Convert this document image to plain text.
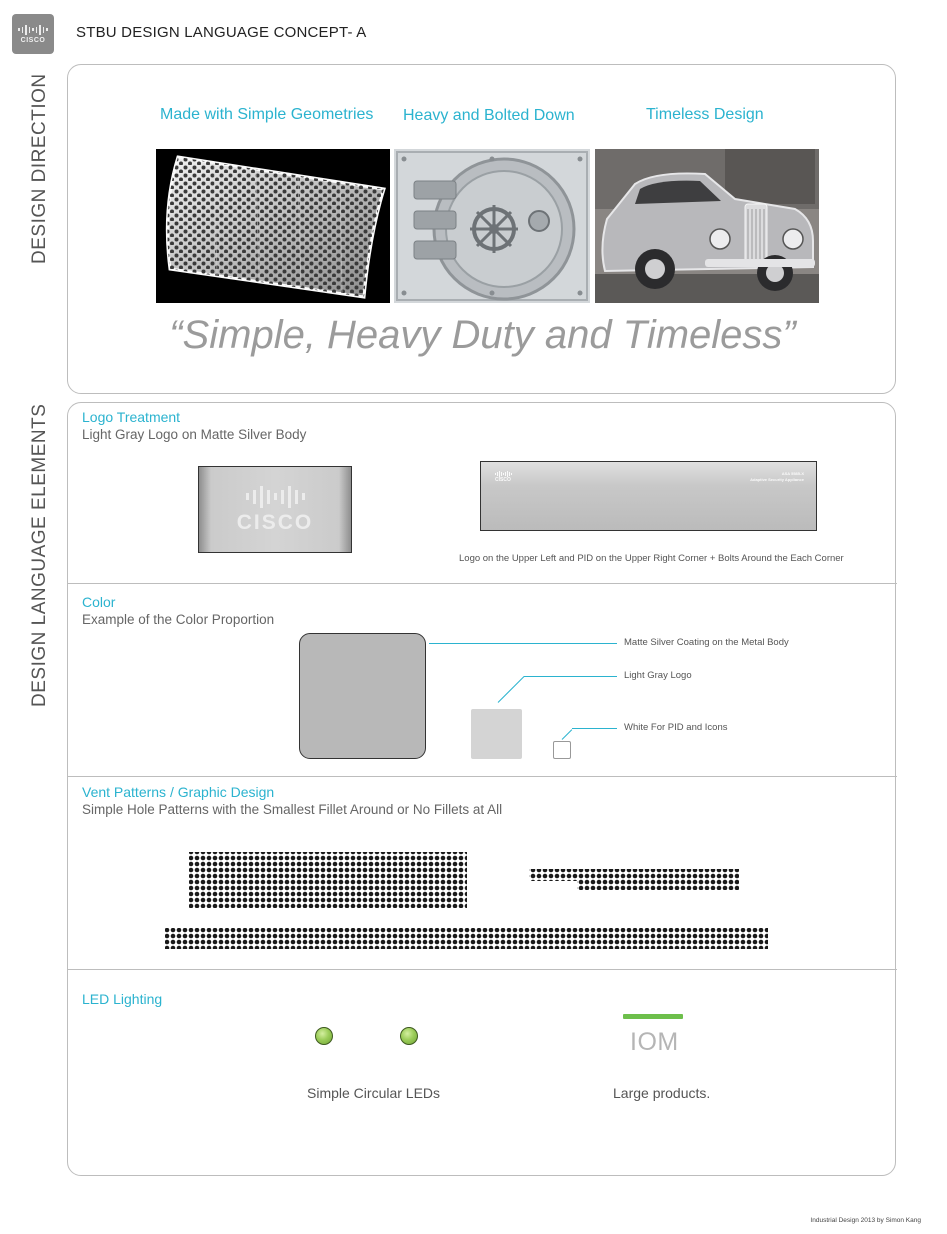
CISCO STBU DESIGN LANGUAGE CONCEPT- A
DESIGN DIRECTION
DESIGN LANGUAGE ELEMENTS
Made with Simple Geometries Heavy and Bolted Down	Timeless Design
“Simple, Heavy Duty and Timeless”
Logo Treatment
Light Gray Logo on Matte Silver Body
CISCO
CISCO
ASA 5585-X
Adaptive Security Appliance
Logo on the Upper Left and PID on the Upper Right Corner + Bolts Around the Each Corner
Color
Example of the Color Proportion
Matte Silver Coating on the Metal Body
Light Gray Logo
White For PID and Icons
Vent Patterns / Graphic Design
Simple Hole Patterns with the Smallest Fillet Around or No Fillets at All
LED Lighting
IOM
Simple Circular LEDs	Large products.
Industrial Design 2013 by Simon Kang
